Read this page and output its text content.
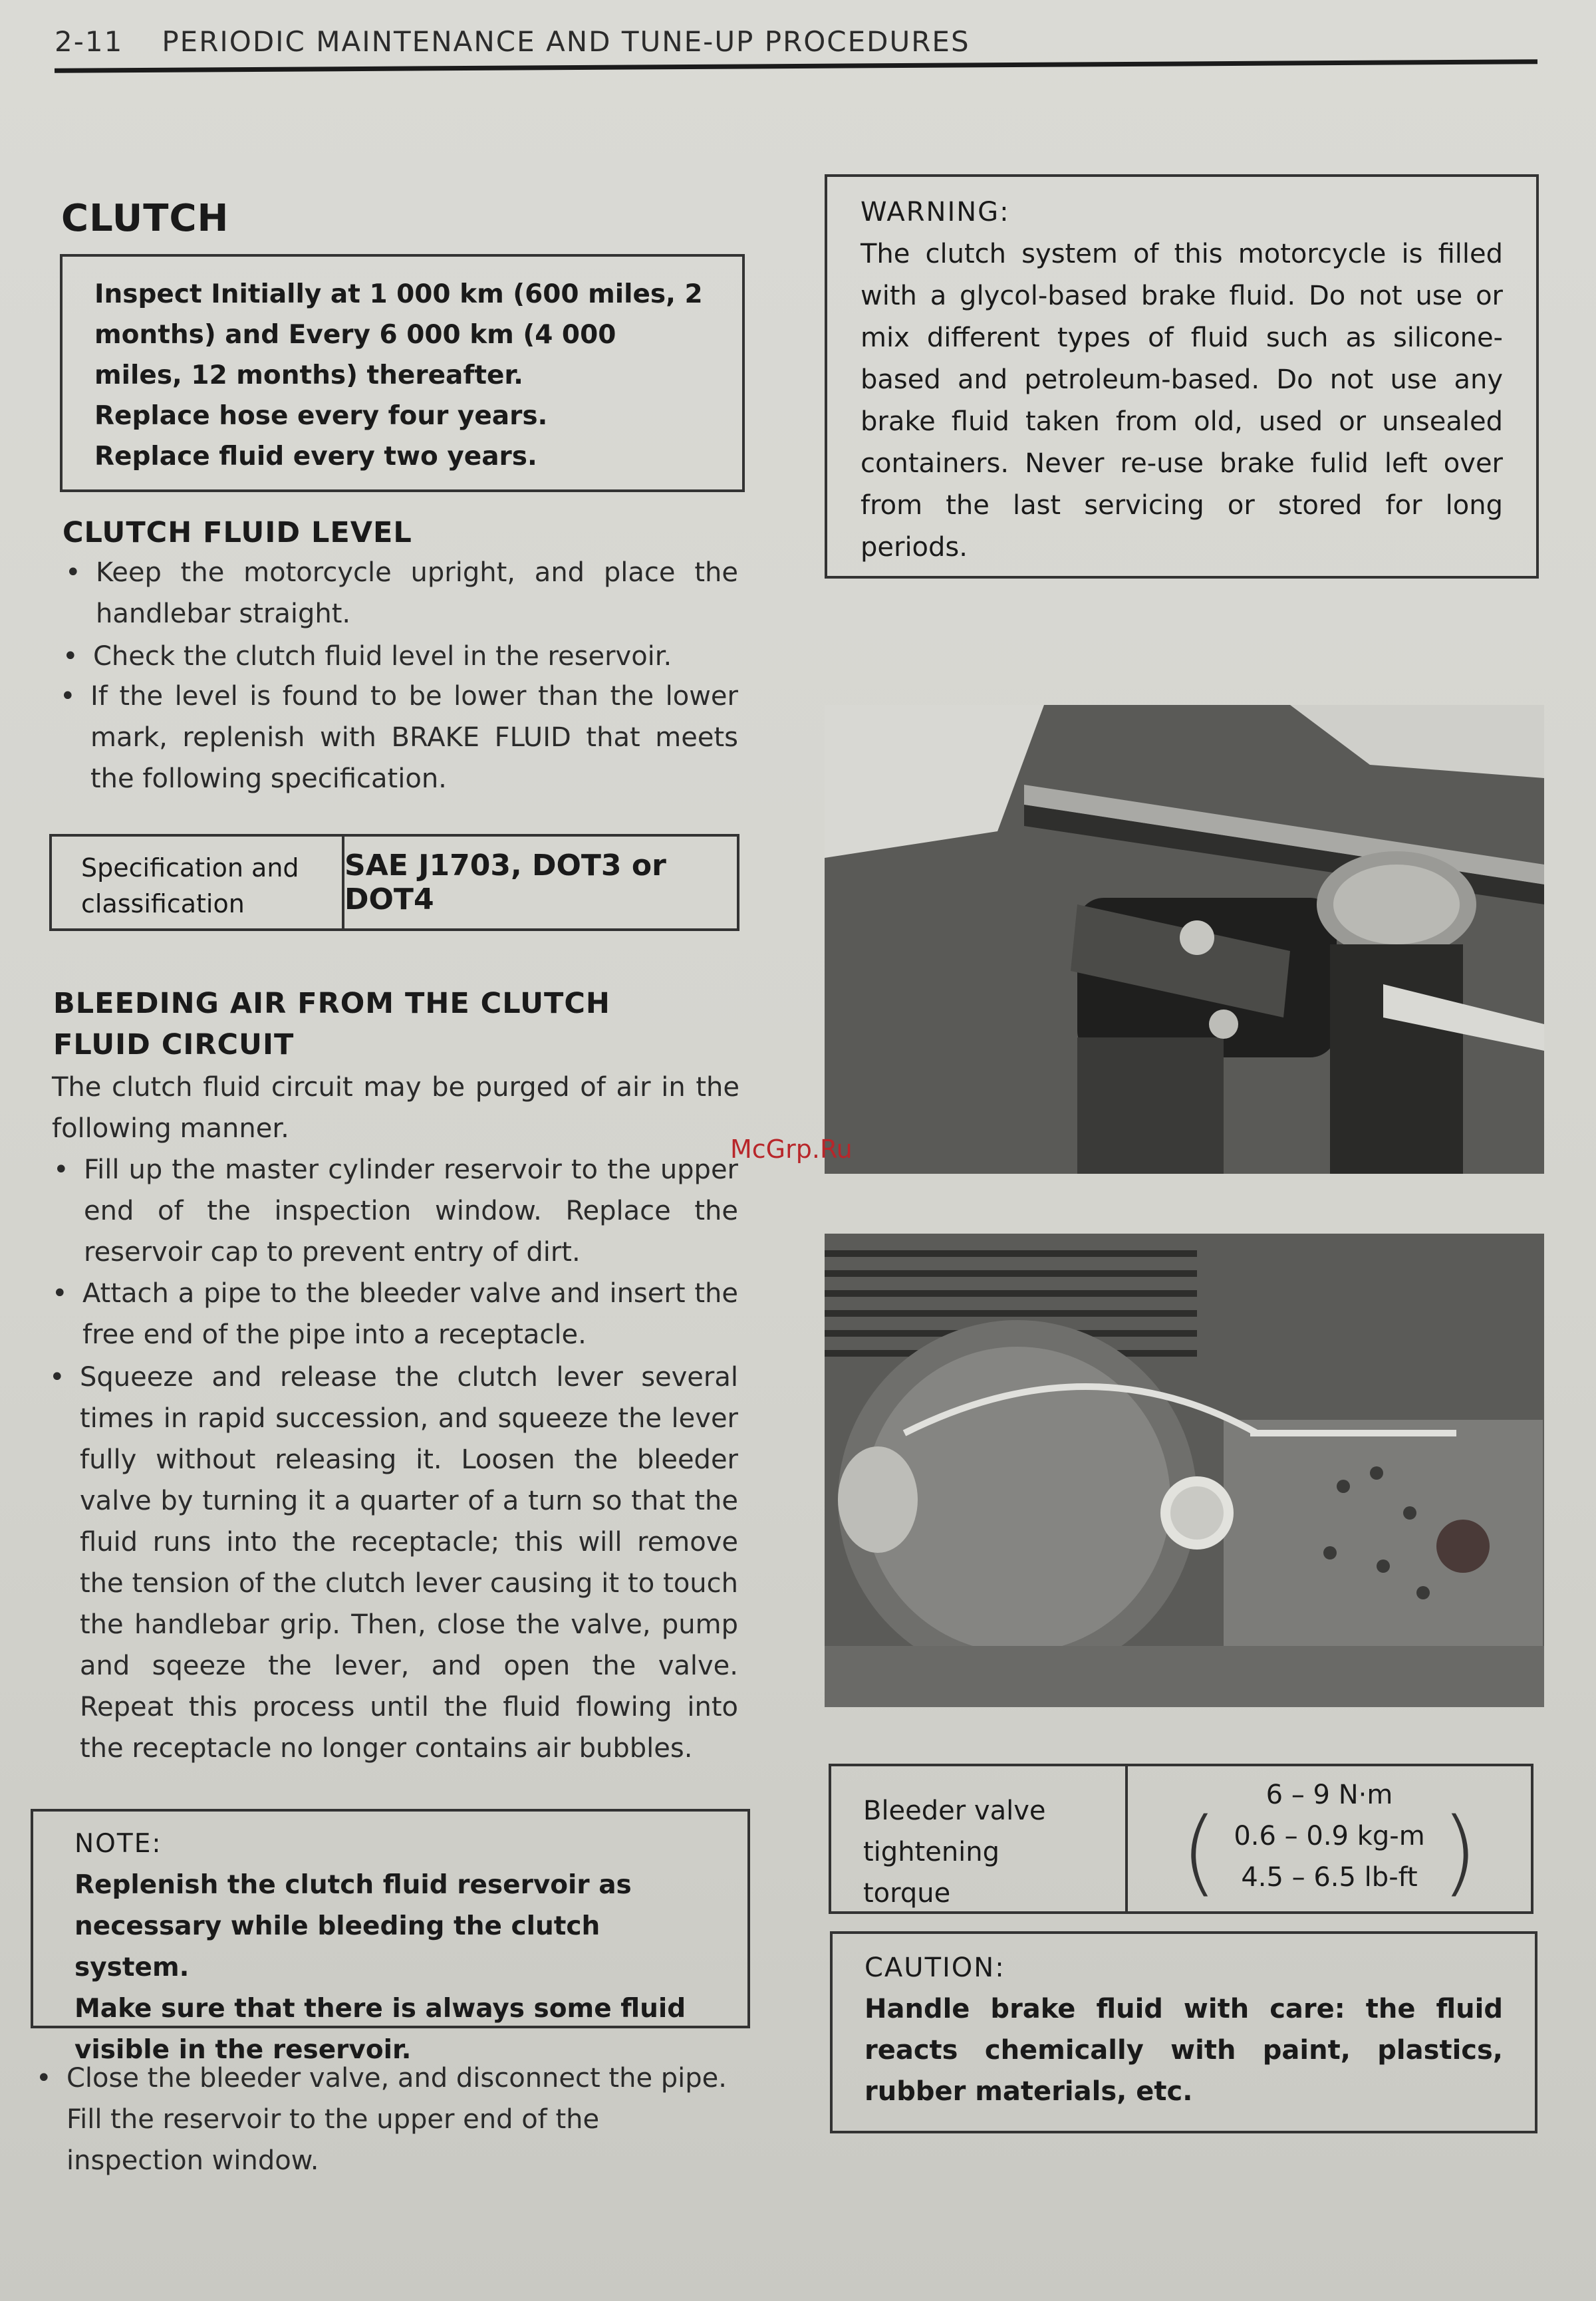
2-11 PERIODIC MAINTENANCE AND TUNE-UP PROCEDURES
CLUTCH
Inspect Initially at 1 000 km (600 miles, 2 months) and Every 6 000 km (4 000 miles, 12 months) thereafter.
Replace hose every four years.
Replace fluid every two years.
CLUTCH FLUID LEVEL
• Keep the motorcycle upright, and place the handlebar straight.
• Check the clutch fluid level in the reservoir.
• If the level is found to be lower than the lower mark, replenish with BRAKE FLUID that meets the following specification.
Specification and classification
SAE J1703, DOT3 or DOT4
BLEEDING AIR FROM THE CLUTCH FLUID CIRCUIT
The clutch fluid circuit may be purged of air in the following manner.
• Fill up the master cylinder reservoir to the upper end of the inspection window. Replace the reservoir cap to prevent entry of dirt.
• Attach a pipe to the bleeder valve and insert the free end of the pipe into a receptacle.
• Squeeze and release the clutch lever several times in rapid succession, and squeeze the lever fully without releasing it. Loosen the bleeder valve by turning it a quarter of a turn so that the fluid runs into the receptacle; this will remove the tension of the clutch lever causing it to touch the handlebar grip. Then, close the valve, pump and sqeeze the lever, and open the valve. Repeat this process until the fluid flowing into the receptacle no longer contains air bubbles.
NOTE:
Replenish the clutch fluid reservoir as necessary while bleeding the clutch system.
Make sure that there is always some fluid visible in the reservoir.
• Close the bleeder valve, and disconnect the pipe. Fill the reservoir to the upper end of the inspection window.
WARNING:
The clutch system of this motorcycle is filled with a glycol-based brake fluid. Do not use or mix different types of fluid such as silicone-based and petroleum-based. Do not use any brake fluid taken from old, used or unsealed containers. Never re-use brake fulid left over from the last servicing or stored for long periods.
Bleeder valve tightening torque
6 – 9 N·m
0.6 – 0.9 kg-m
4.5 – 6.5 lb-ft
( )
CAUTION:
Handle brake fluid with care: the fluid reacts chemically with paint, plastics, rubber materials, etc.
McGrp.Ru
